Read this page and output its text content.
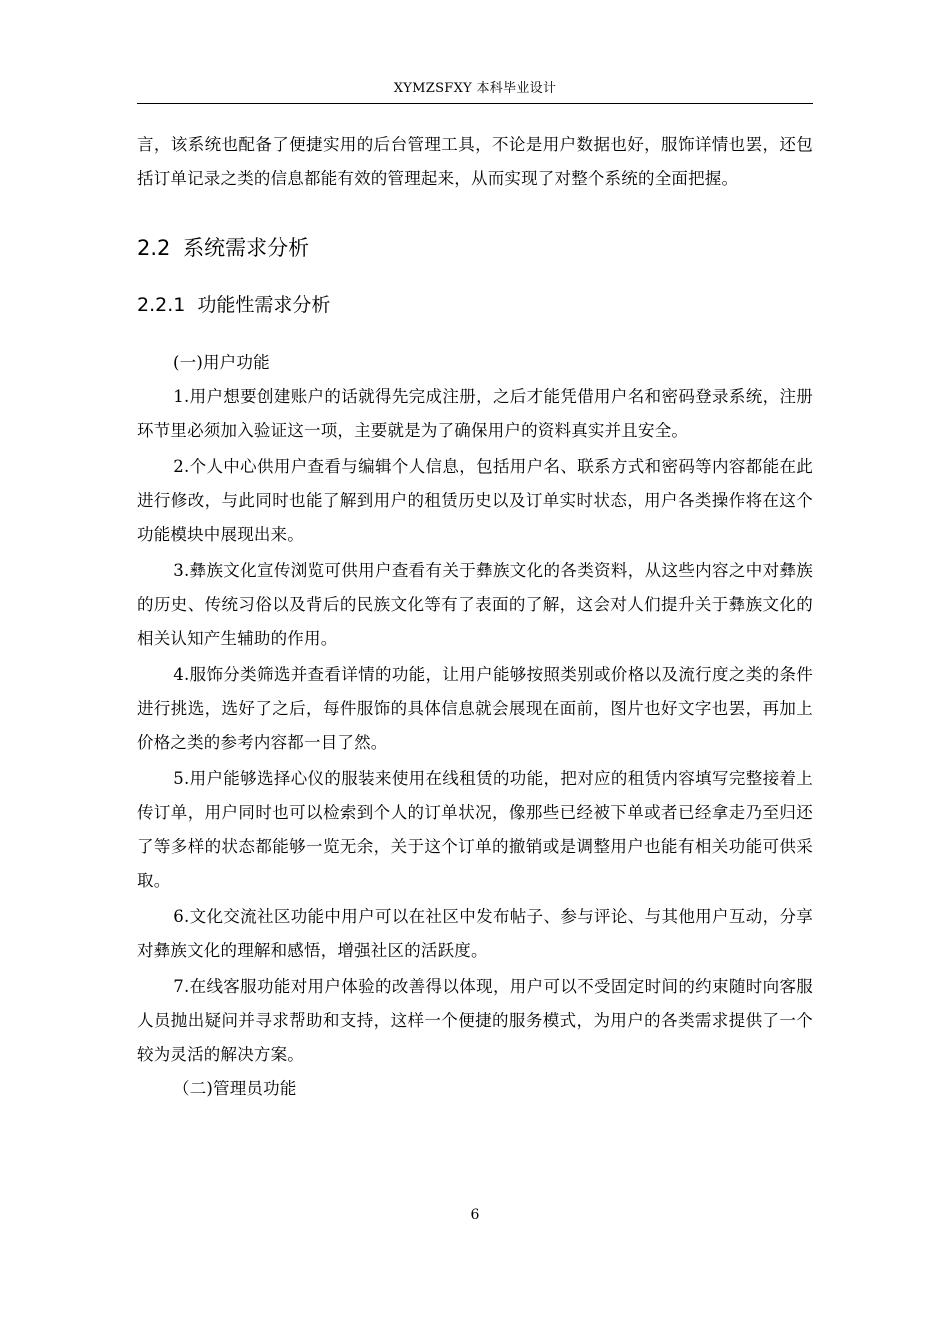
XYMZSFXY 本科毕业设计

言，该系统也配备了便捷实用的后台管理工具，不论是用户数据也好，服饰详情也罢，还包括订单记录之类的信息都能有效的管理起来，从而实现了对整个系统的全面把握。

2.2 系统需求分析
2.2.1 功能性需求分析

(一)用户功能

1.用户想要创建账户的话就得先完成注册，之后才能凭借用户名和密码登录系统，注册环节里必须加入验证这一项，主要就是为了确保用户的资料真实并且安全。

2.个人中心供用户查看与编辑个人信息，包括用户名、联系方式和密码等内容都能在此进行修改，与此同时也能了解到用户的租赁历史以及订单实时状态，用户各类操作将在这个功能模块中展现出来。

3.彝族文化宣传浏览可供用户查看有关于彝族文化的各类资料，从这些内容之中对彝族的历史、传统习俗以及背后的民族文化等有了表面的了解，这会对人们提升关于彝族文化的相关认知产生辅助的作用。

4.服饰分类筛选并查看详情的功能，让用户能够按照类别或价格以及流行度之类的条件进行挑选，选好了之后，每件服饰的具体信息就会展现在面前，图片也好文字也罢，再加上价格之类的参考内容都一目了然。

5.用户能够选择心仪的服装来使用在线租赁的功能，把对应的租赁内容填写完整接着上传订单，用户同时也可以检索到个人的订单状况，像那些已经被下单或者已经拿走乃至归还了等多样的状态都能够一览无余，关于这个订单的撤销或是调整用户也能有相关功能可供采取。

6.文化交流社区功能中用户可以在社区中发布帖子、参与评论、与其他用户互动，分享对彝族文化的理解和感悟，增强社区的活跃度。

7.在线客服功能对用户体验的改善得以体现，用户可以不受固定时间的约束随时向客服人员抛出疑问并寻求帮助和支持，这样一个便捷的服务模式，为用户的各类需求提供了一个较为灵活的解决方案。

（二)管理员功能

6
